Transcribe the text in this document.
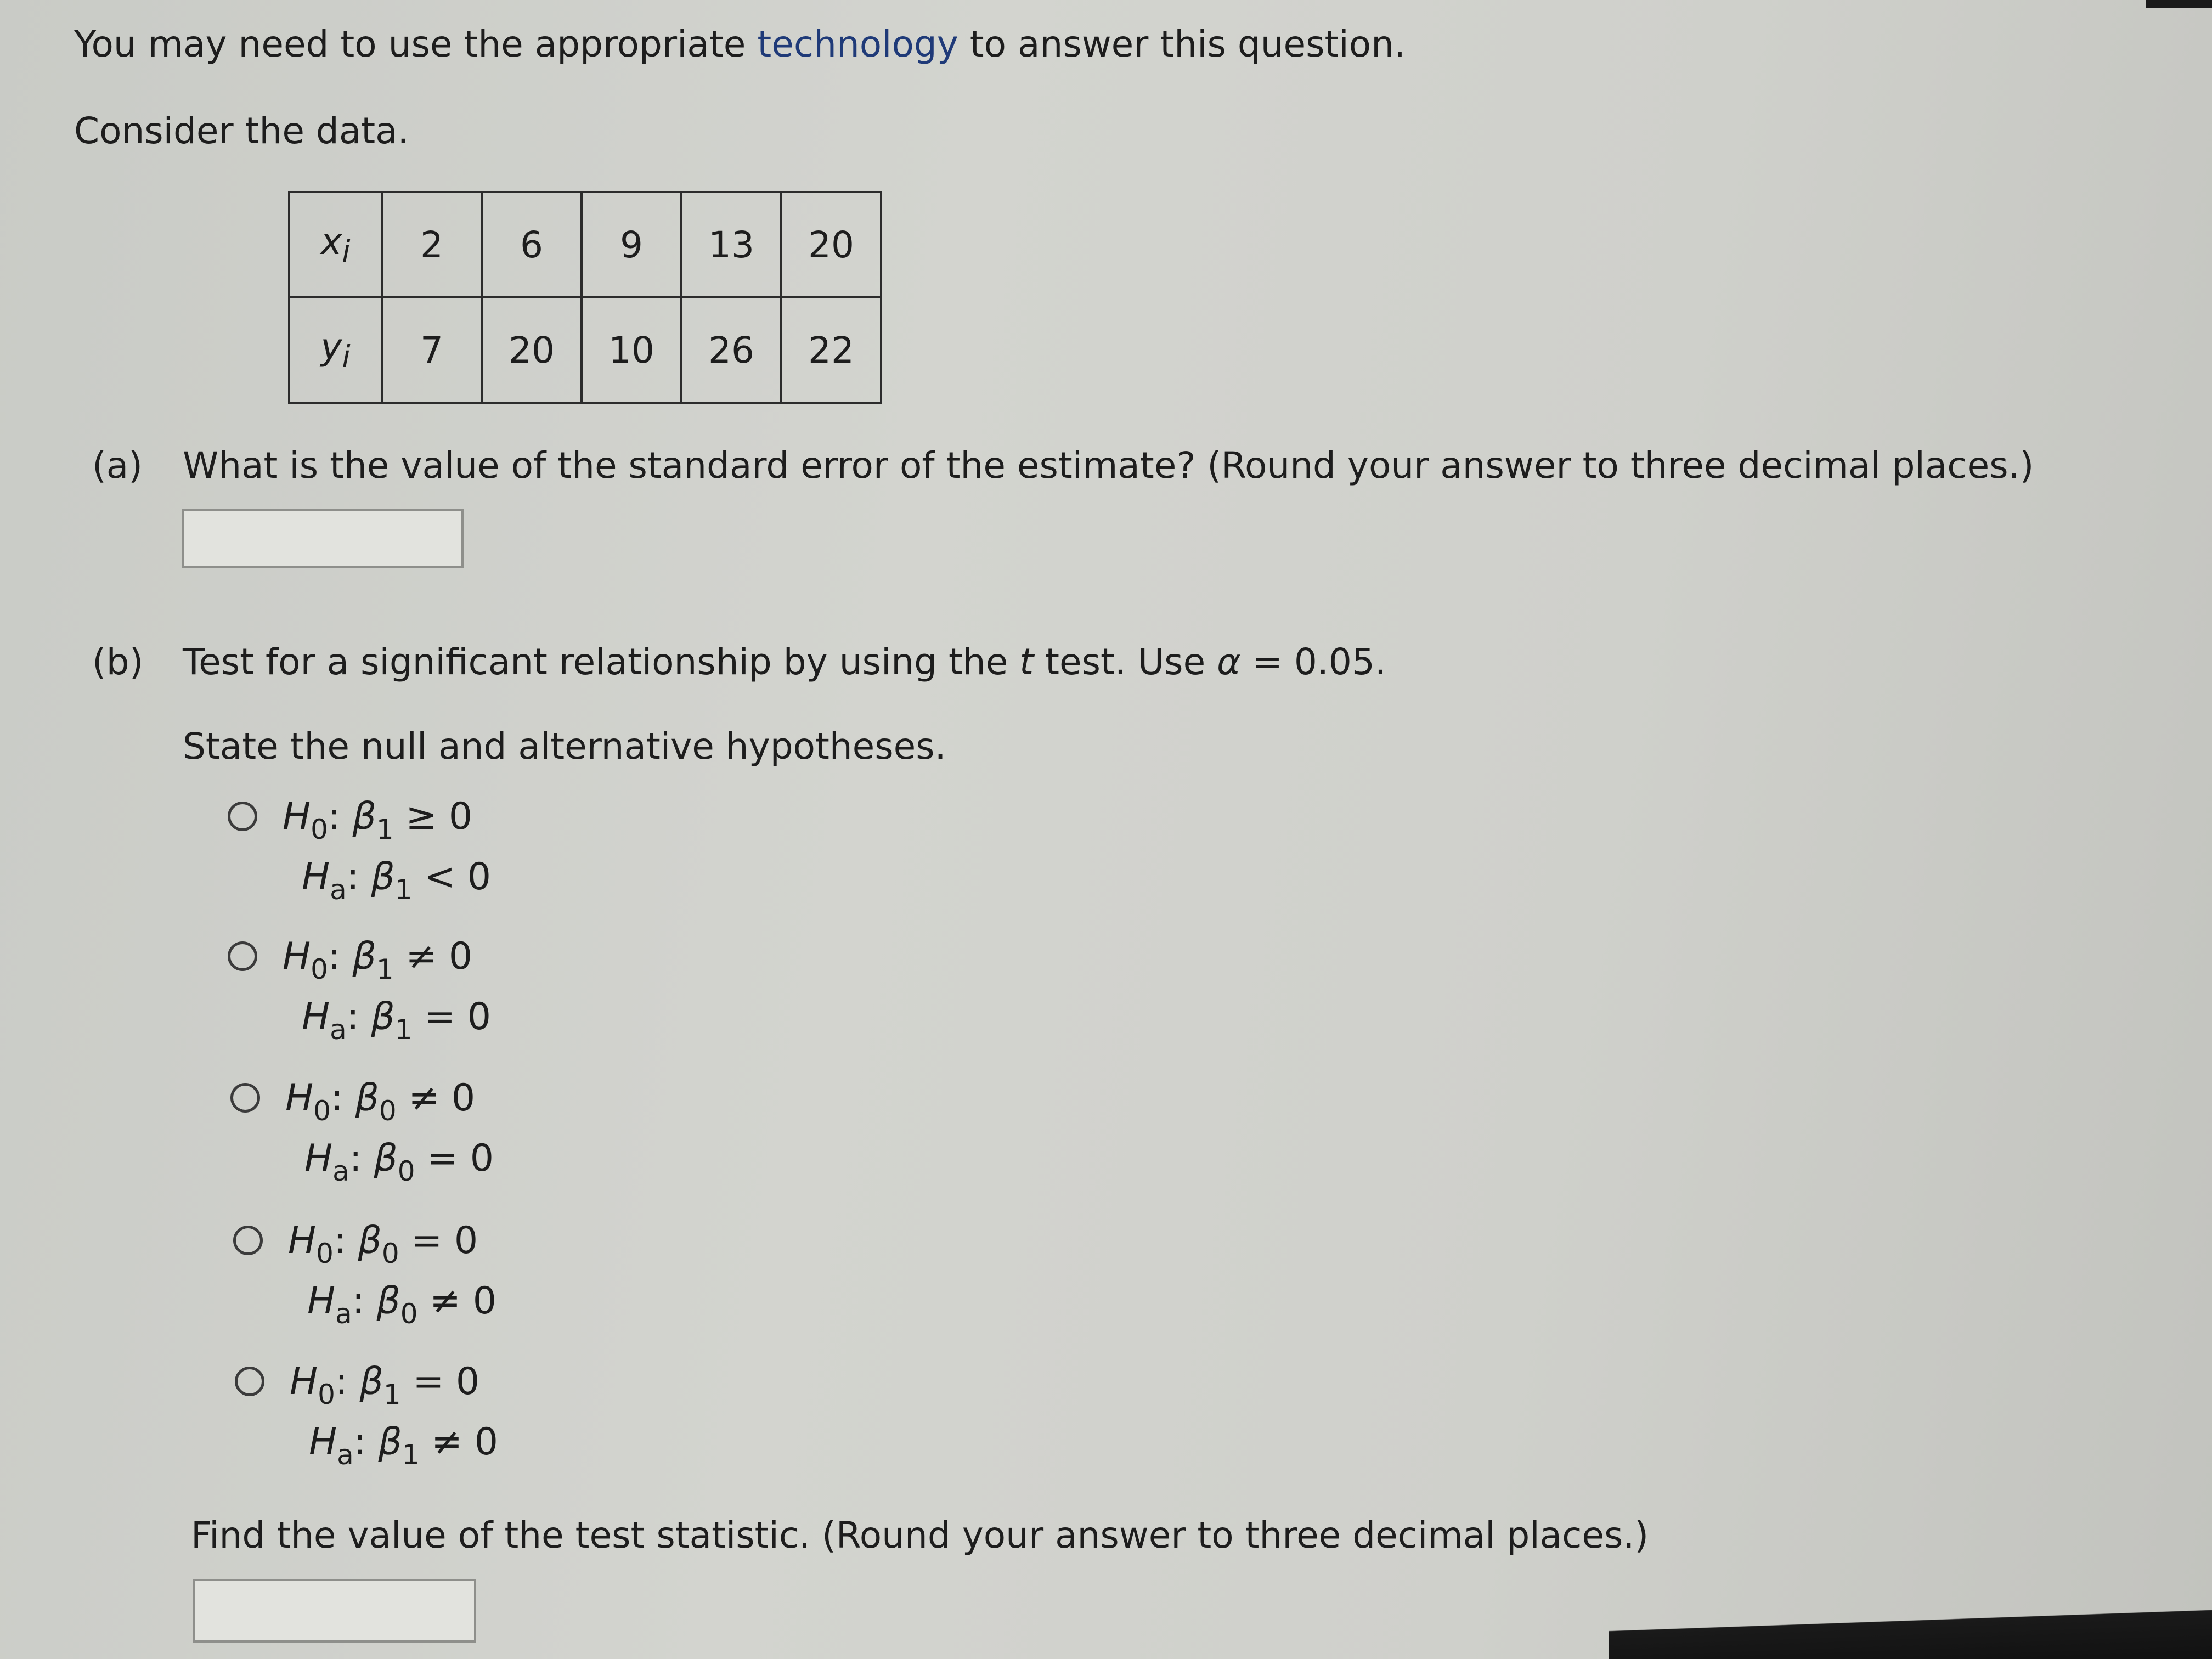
You may need to use the appropriate technology to answer this question.
Consider the data.
$x_i$	2	6	9	13	20
$y_i$	7	20	10	26	22
(a) What is the value of the standard error of the estimate? (Round your answer to three decimal places.)
(b) Test for a significant relationship by using the t test. Use α = 0.05.
State the null and alternative hypotheses.
$H_0$: $\beta_1 \ge 0$
$H_a$: $\beta_1 < 0$
$H_0$: $\beta_1 \ne 0$
$H_a$: $\beta_1 = 0$
$H_0$: $\beta_0 \ne 0$
$H_a$: $\beta_0 = 0$
$H_0$: $\beta_0 = 0$
$H_a$: $\beta_0 \ne 0$
$H_0$: $\beta_1 = 0$
$H_a$: $\beta_1 \ne 0$
Find the value of the test statistic. (Round your answer to three decimal places.)
